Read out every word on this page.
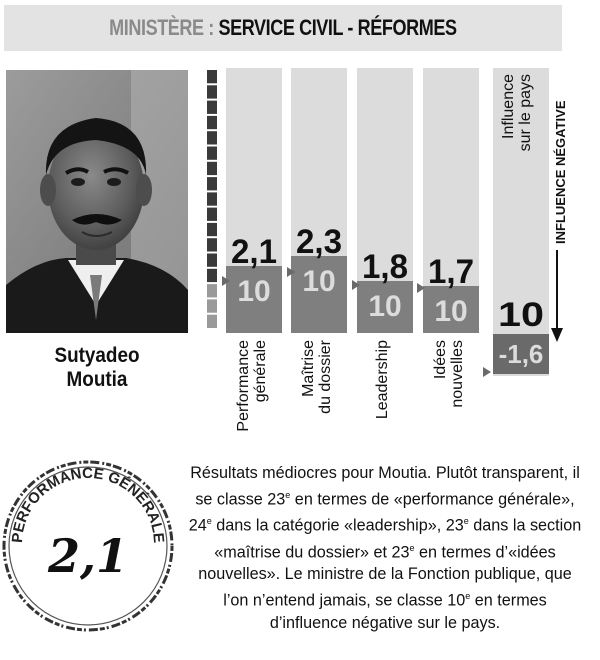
MINISTÈRE : SERVICE CIVIL - RÉFORMES
Sutyadeo
Moutia
2,1
10
2,3
10 1,8
10
1,7
10 10
-1,6
Performancegénérale Maîtrisedu dossier	Leadership	Idéesnouvelles
Influencesur le pays INFLUENCE NÉGATIVE
PERFORMANCE GÉNÉRALE
2,1
Résultats médiocres pour Moutia. Plutôt transparent, il se classe 23e en termes de «performance générale», 24e dans la catégorie «leadership», 23e dans la section «maîtrise du dossier» et 23e en termes d’«idées nouvelles». Le ministre de la Fonction publique, que l’on n’entend jamais, se classe 10e en termes d’influence négative sur le pays.
